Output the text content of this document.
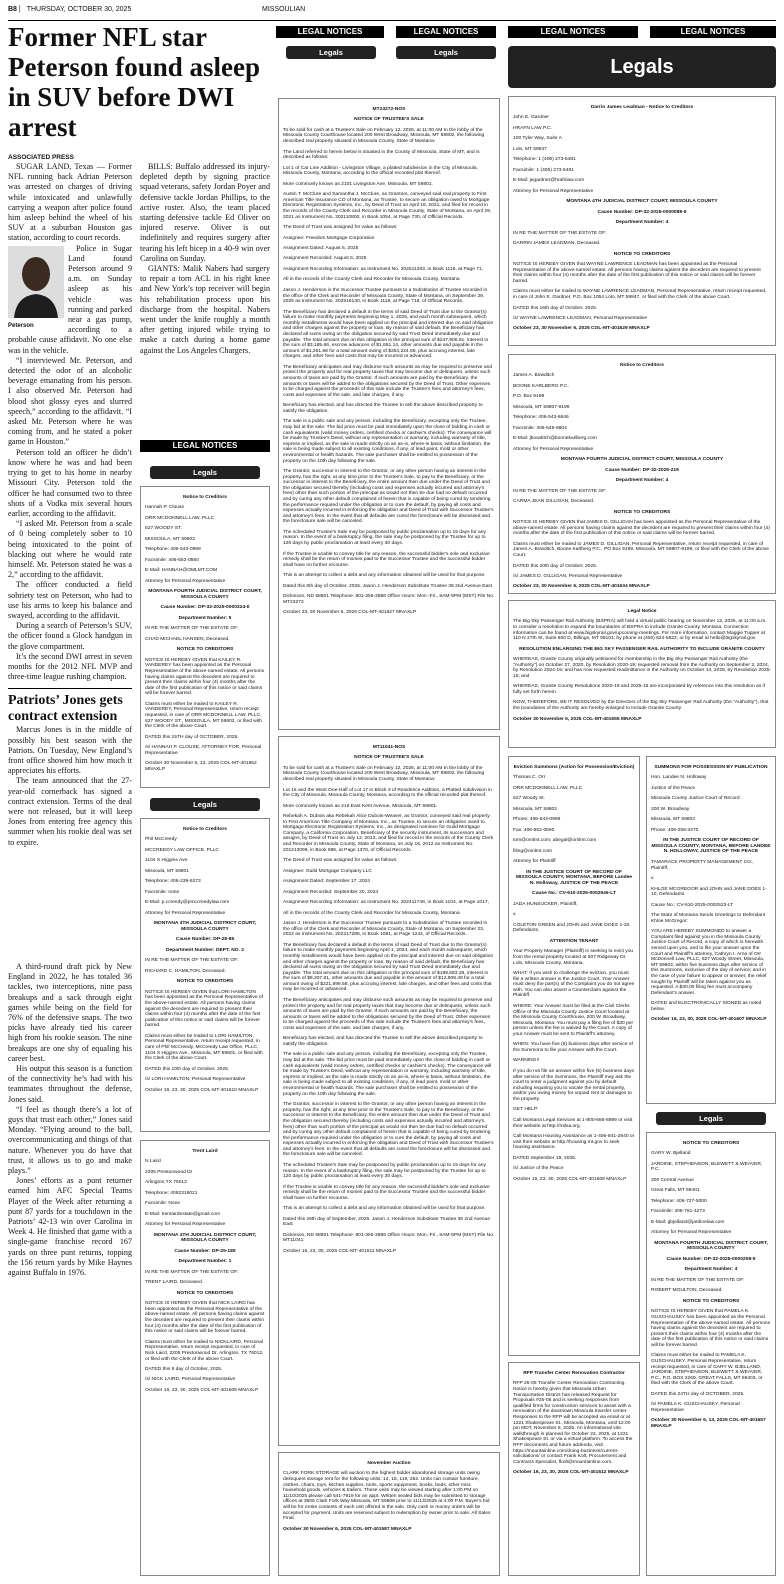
B8 | THURSDAY, OCTOBER 30, 2025	MISSOULIAN
LEGAL NOTICES	LEGAL NOTICES	LEGAL NOTICES	LEGAL NOTICES
Legals	Legals
Legals
Former NFL star Peterson found asleep in SUV before DWI arrest
ASSOCIATED PRESS

SUGAR LAND, Texas — Former NFL running back Adrian Peterson was arrested on charges of driving while intoxicated and unlawfully carrying a weapon after police found him asleep behind the wheel of his SUV at a suburban Houston gas station, according to court records.

Peterson

Police in Sugar Land found Peterson around 9 a.m. on Sunday asleep as his vehicle was running and parked near a gas pump, according to a probable cause affidavit. No one else was in the vehicle.

“I interviewed Mr. Peterson, and detected the odor of an alcoholic beverage emanating from his person. I also observed Mr. Peterson had blood shot glossy eyes and slurred speech,” according to the affidavit. “I asked Mr. Peterson where he was coming from, and he stated a poker game in Houston.”

Peterson told an officer he didn’t know where he was and had been trying to get to his home in nearby Missouri City. Peterson told the officer he had consumed two to three shots of a Vodka mix several hours earlier, according to the affidavit.

“I asked Mr. Peterson from a scale of 0 being completely sober to 10 being intoxicated to the point of blacking out where he would rate himself. Mr. Peterson stated he was a 2,” according to the affidavit.

The officer conducted a field sobriety test on Peterson, who had to use his arms to keep his balance and swayed, according to the affidavit.

During a search of Peterson’s SUV, the officer found a Glock handgun in the glove compartment.

It’s the second DWI arrest in seven months for the 2012 NFL MVP and three-time league rushing champion.

Patriots’ Jones gets contract extension

Marcus Jones is in the middle of possibly his best season with the Patriots. On Tuesday, New England’s front office showed him how much it appreciates his efforts.

The team announced that the 27-year-old cornerback has signed a contract extension. Terms of the deal were not released, but it will keep Jones from entering free agency this summer when his rookie deal was set to expire.

A third-round draft pick by New England in 2022, he has totaled 36 tackles, two interceptions, nine pass breakups and a sack through eight games while being on the field for 76% of the defensive snaps. The two picks have already tied his career high from his rookie season. The nine breakups are one shy of equaling his career best.

His output this season is a function of the connectivity he’s had with his teammates throughout the defense, Jones said.

“I feel as though there’s a lot of guys that trust each other,” Jones said Monday. “Flying around to the ball, overcommunicating and things of that nature. Whenever you do have that trust, it allows us to go and make plays.”

Jones’ efforts as a punt returner earned him AFC Special Teams Player of the Week after returning a punt 87 yards for a touchdown in the Patriots’ 42-13 win over Carolina in Week 4. He finished that game with a single-game franchise record 167 yards on three punt returns, topping the 156 return yards by Mike Haynes against Buffalo in 1976.

BILLS: Buffalo addressed its injury-depleted depth by signing practice squad veterans, safety Jordan Poyer and defensive tackle Jordan Phillips, to the active roster. Also, the team placed starting defensive tackle Ed Oliver on injured reserve. Oliver is out indefinitely and requires surgery after tearing his left bicep in a 40-9 win over Carolina on Sunday.

GIANTS: Malik Nabers had surgery to repair a torn ACL in his right knee and New York’s top receiver will begin his rehabilitation process upon his discharge from the hospital. Nabers went under the knife roughly a month after getting injured while trying to make a catch during a home game against the Los Angeles Chargers.

LEGAL NOTICES
Legals

Notice to Creditors

Hannah P. Clouse

ORR MCDONNELL LAW, PLLC

627 WOODY ST.

MISSOULA, MT 59802

Telephone: 406-543-0999

Facsimile: 406-552-0560

E-Mail: HANNAH@OMLMT.COM

Attorney for Personal Representative

MONTANA FOURTH JUDICIAL DISTRICT COURT, MISSOULA COUNTY

Cause Number: DP-32-2025-0000324-II

Department Number: 5

IN RE THE MATTER OF THE ESTATE OF:

CHAD MICHAEL HANSEN, Deceased.

NOTICE TO CREDITORS

NOTICE IS HEREBY GIVEN that KAILEY R. VANDEREY has been appointed as the Personal Representative of the above-named estate. All persons having claims against the decedent are required to present their claims within four (4) months after the date of the first publication of this notice or said claims will be forever barred.

Claims must either be mailed to KAILEY R. VANDEREY, Personal Representative, return receipt requested, in care of ORR MCDONNELL LAW, PLLC, 627 WOODY ST., MISSOULA, MT 59802, or filed with the Clerk of the above Court.

DATED this 15TH day of OCTOBER, 2025.

/s/ HANNAH P. CLOUSE, ATTORNEY FOR, Personal Representative

October 30 November 6, 13, 2025 COL-MT-401652 MNAXLP

Legals

Notice to Creditors

Phil McCreedy

MCCREEDY LAW OFFICE, PLLC

1104 S Higgins Ave.

Missoula, MT 59801

Telephone: 406-239-6273

Facsimile: none

E-Mail: p.ccreedy@pmccreedylaw.com

Attorney for Personal Representative

MONTANA 4TH JUDICIAL DISTRICT COURT, MISSOULA COUNTY

Cause Number: DP-25-85

Department Number: DEPT. NO. 2

IN RE THE MATTER OF THE ESTATE OF:

RICHARD C. HAMILTON, Deceased.

NOTICE TO CREDITORS

NOTICE IS HEREBY GIVEN that LORI HAMILTON has been appointed as the Personal Representative of the above-named estate. All persons having claims against the decedent are required to present their claims within four (4) months after the date of the first publication of this notice or said claims will be forever barred.

Claims must either be mailed to LORI HAMILTON, Personal Representative, return receipt requested, in care of Phil McCreedy, McCreedy Law Office, PLLC, 1104 S Higgins Ave., Missoula, MT 59801, or filed with the Clerk of the above Court.

DATED this 10th day of October, 2025.

/s/ LORI HAMILTON, Personal Representative

October 16, 23, 30, 2025 COL-MT-401610 MNAXLP

Trent Laird

N Laird

2205 Prestonwood Dr

Arlington,TX 76012

Telephone: 4092316021

Facsimile: None

E-Mail: trentairdestate@gmail.com

Attorney for Personal Representative

MONTANA 4TH JUDICIAL DISTRICT COURT, MISSOULA COUNTY

Cause Number: DP-25-185

Department Number: 1

IN RE THE MATTER OF THE ESTATE OF:

TRENT LAIRD, Deceased.

NOTICE TO CREDITORS

NOTICE IS HEREBY GIVEN that NICK LAIRD has been appointed as the Personal Representative of the above-named estate. All persons having claims against the decedent are required to present their claims within four (4) months after the date of the first publication of this notice or said claims will be forever barred.

Claims must either be mailed to NICKLAIRD, Personal Representative, return receipt requested, in care of Nick Laird, 2205 Prestonwood Dr, Arlington, TX 76012, or filed with the Clerk of the above Court.

DATED this 9 day of October, 2025.

/s/ NICK LAIRD, Personal Representative

October 16, 23, 30, 2025 COL-MT-401609 MNAXLP

MT23272-NOS

NOTICE OF TRUSTEE'S SALE

To be sold for cash at a Trustee's Sale on February 12, 2026, at 11:00 AM In the lobby of the Missoula County Courthouse located 200 West Broadway, Missoula, MT 59802, the following described real property situated in Missoula County, State of Montana:

The Land referred to herein below is situated in the County of Missoula, State of MT, and is described as follows:

Lot 1 of Car Line Addition - Livingston Village, a platted subdivision in the City of Missoula, Missoula County, Montana, according to the official recorded plat thereof.

More commonly known as 2101 Livingston Ave, Missoula, MT 59801.

Austin T. McClure and Samantha J. McClure, as Grantors, conveyed said real property to First American Title Insurance CO of Montana, as Trustee, to secure an obligation owed to Mortgage Electronic Registration Systems, Inc., by Deed of Trust on April 18, 2021, and filed for record in the records of the County Clerk and Recorder in Missoula County, State of Montana, on April 29, 2021 as Instrument No. 202110800, in Book 1054, at Page 730, of Official Records.

The Deed of Trust was assigned for value as follows:

Assignee: Freedom Mortgage Corporation

Assignment Dated: August 6, 2025

Assignment Recorded: August 6, 2025

Assignment Recording Information: as Instrument No. 202511283, in Book 1116, at Page 71,

All in the records of the County Clerk and Recorder for Missoula County, Montana

Jason J. Henderson is the Successor Trustee pursuant to a Substitution of Trustee recorded in the office of the Clerk and Recorder of Missoula County, State of Montana, on September 29, 2025 as Instrument No. 202516130, in Book 1119, at Page 718, of Official Records.

The Beneficiary has declared a default in the terms of said Deed of Trust due to the Grantor(s) failure to make monthly payments beginning May 1, 2025, and each month subsequent, which monthly installments would have been applied on the principal and interest due on said obligation and other charges against the property or loan. By reason of said default, the Beneficiary has declared all sums owing on the obligation secured by said Trust Deed immediately due and payable. The total amount due on this obligation is the principal sum of $247,905.91, interest in the sum of $3,185.66, escrow advances of $1,651.14, other amounts due and payable in the amount of $1,261.68 for a total amount owing of $254,224.59, plus accruing interest, late charges, and other fees and costs that may be incurred or advanced.

The Beneficiary anticipates and may disburse such amounts as may be required to preserve and protect the property and for real property taxes that may become due or delinquent, unless such amounts of taxes are paid by the Grantor. If such amounts are paid by the Beneficiary, the amounts or taxes will be added to the obligations secured by the Deed of Trust. Other expenses to be charged against the proceeds of this sale include the Trustee's fees and attorney's fees, costs and expenses of the sale, and late charges, if any.

Beneficiary has elected, and has directed the Trustee to sell the above described property to satisfy the obligation.

The sale is a public sale and any person, including the Beneficiary, excepting only the Trustee, may bid at the sale. The bid price must be paid immediately upon the close of bidding in cash or cash equivalents (valid money orders, certified checks or cashier's checks). The conveyance will be made by Trustee's Deed, without any representation or warranty, including warranty of title, express or implied, as the sale is made strictly on an as-is, where-is basis, without limitation, the sale is being made subject to all existing conditions, if any, of lead paint, mold or other environmental or health hazards. The sale purchaser shall be entitled to possession of the property on the 10th day following the sale.

The Grantor, successor in interest to the Grantor, or any other person having an interest in the property, has the right, at any time prior to the Trustee's Sale, to pay to the Beneficiary, or the successor in interest to the Beneficiary, the entire amount then due under the Deed of Trust and the obligation secured thereby (including costs and expenses actually incurred and attorney's fees) other than such portion of the principal as would not then be due had no default occurred and by curing any other default complained of herein that is capable of being cured by tendering the performance required under the obligation or to cure the default, by paying all costs and expenses actually incurred in enforcing the obligation and Deed of Trust with Successor Trustee's and attorney's fees. In the event that all defaults are cured the foreclosure will be dismissed and the foreclosure sale will be canceled.

The scheduled Trustee's Sale may be postponed by public proclamation up to 15 days for any reason. In the event of a bankruptcy filing, the sale may be postponed by the Trustee for up to 120 days by public proclamation at least every 30 days.

If the Trustee is unable to convey title for any reason, the successful bidder's sole and exclusive remedy shall be the return of monies paid to the Successor Trustee and the successful bidder shall have no further recourse.

This is an attempt to collect a debt and any information obtained will be used for that purpose.

Dated this 6th day of October, 2025. Jason J. Henderson Substitute Trustee 38 2nd Avenue East

Dickinson, ND 58601 Telephone: 801-355-2886 Office Hours: Mon.-Fri., 8AM-5PM (MST) File No. MT23272

October 23, 30 November 6, 2025 COL-MT-401627 MNAXLP

MT11041-NOS

NOTICE OF TRUSTEE'S SALE

To be sold for cash at a Trustee's Sale on February 12, 2026, at 11:00 AM In the lobby of the Missoula County Courthouse located 200 West Broadway, Missoula, MT 59802, the following described real property situated in Missoula County, State of Montana:

Lot 16 and the West One-Half of Lot 17 in Block 3 of Residence Addition, a Platted subdivision in the City of Missoula, Missoula County, Montana, according to the official recorded plat thereof.

More commonly known as 216 East Kent Avenue, Missoula, MT 59801.

Rebekah A. Dubois aka Rebekah Alice Dubois-Weaver, as Grantor, conveyed said real property to First American Title Company of Montana, Inc., as Trustee, to secure an obligation owed to Mortgage Electronic Registration Systems, Inc., as designated nominee for Guild Mortgage Company, a California Corporation, Beneficiary of the security instrument, its successors and assigns, by Deed of Trust on July 12, 2012, and filed for record in the records of the County Clerk and Recorder in Missoula County, State of Montana, on July 16, 2012 as Instrument No. 201213099, in Book 896, at Page 1378, of Official Records.

The Deed of Trust was assigned for value as follows:

Assignee: Guild Mortgage Company LLC

Assignment Dated: September 17, 2024

Assignment Recorded: September 20, 2024

Assignment Recording Information: as Instrument No. 202411748, in Book 1104, at Page 1017,

All in the records of the County Clerk and Recorder for Missoula County, Montana

Jason J. Henderson is the Successor Trustee pursuant to a Substitution of Trustee recorded in the office of the Clerk and Recorder of Missoula County, State of Montana, on September 23, 2022 as Instrument No. 202217286, in Book 1081, at Page 1244, of Official Records.

The Beneficiary has declared a default in the terms of said Deed of Trust due to the Grantor(s) failure to make monthly payments beginning April 1, 2024, and each month subsequent, which monthly installments would have been applied on the principal and interest due on said obligation and other charges against the property or loan. By reason of said default, the Beneficiary has declared all sums owing on the obligation secured by said Trust Deed immediately due and payable. The total amount due on this obligation is the principal sum of $199,683.28, interest in the sum of $9,307.81, other amounts due and payable in the amount of $12,908.49 for a total amount owing of $221,899.58, plus accruing interest, late charges, and other fees and costs that may be incurred or advanced.

The Beneficiary anticipates and may disburse such amounts as may be required to preserve and protect the property and for real property taxes that may become due or delinquent, unless such amounts of taxes are paid by the Grantor. If such amounts are paid by the Beneficiary, the amounts or taxes will be added to the obligations secured by the Deed of Trust. Other expenses to be charged against the proceeds of this sale include the Trustee's fees and attorney's fees, costs and expenses of the sale, and late charges, if any.

Beneficiary has elected, and has directed the Trustee to sell the above described property to satisfy the obligation.

The sale is a public sale and any person, including the Beneficiary, excepting only the Trustee, may bid at the sale. The bid price must be paid immediately upon the close of bidding in cash or cash equivalents (valid money orders, certified checks or cashier's checks). The conveyance will be made by Trustee's Deed, without any representation or warranty, including warranty of title, express or implied, as the sale is made strictly on an as-is, where-is basis, without limitation, the sale is being made subject to all existing conditions, if any, of lead paint, mold or other environmental or health hazards. The sale purchaser shall be entitled to possession of the property on the 10th day following the sale.

The Grantor, successor in interest to the Grantor, or any other person having an interest in the property, has the right, at any time prior to the Trustee's Sale, to pay to the Beneficiary, or the successor in interest to the Beneficiary, the entire amount then due under the Deed of Trust and the obligation secured thereby (including costs and expenses actually incurred and attorney's fees) other than such portion of the principal as would not then be due had no default occurred and by curing any other default complained of herein that is capable of being cured by tendering the performance required under the obligation or to cure the default, by paying all costs and expenses actually incurred in enforcing the obligation and Deed of Trust with Successor Trustee's and attorney's fees. In the event that all defaults are cured the foreclosure will be dismissed and the foreclosure sale will be canceled.

The scheduled Trustee's Sale may be postponed by public proclamation up to 15 days for any reason. In the event of a bankruptcy filing, the sale may be postponed by the Trustee for up to 120 days by public proclamation at least every 30 days.

If the Trustee is unable to convey title for any reason, the successful bidder's sole and exclusive remedy shall be the return of monies paid to the Successor Trustee and the successful bidder shall have no further recourse.

This is an attempt to collect a debt and any information obtained will be used for that purpose.

Dated this 26th day of September, 2025. Jason J. Henderson Substitute Trustee 38 2nd Avenue East

Dickinson, ND 58601 Telephone: 801-355-2886 Office Hours: Mon.-Fri., 8AM-5PM (MST) File No. MT11041

October 16, 23, 30, 2025 COL-MT-401611 MNAXLP

November Auction

CLARK FORK STORAGE will auction to the highest bidder abandoned storage units owing delinquent storage rent for the following units: 14, 15, 119, 262. Units can contain furniture, clothes, chairs, toys, kitchen supplies, tools, sports equipment, books, beds, other misc household goods, vehicles & trailers. These units may be viewed starting after 1:00 PM on 11/10/2025 please call 541-7919 for an appt. Written sealed bids may be submitted to storage offices at 3505 Clark Fork Way Missoula, MT 59808 prior to 11/13/2025 at 4:00 P.M. Buyer's bid will be for entire contents of each unit offered in the sale. Only cash or money orders will be accepted for payment. Units are reserved subject to redemption by owner prior to sale. All Sales Final.

October 30 November 6, 2025 COL-MT-401587 MNAXLP

Darrin James Leadman - Notice to Creditors

John E. Gardner

HRAFN LAW P.C.

100 Tyler Way, Suite A

Lolo, MT 59847

Telephone: 1 (406) 273-5481

Facsimile: 1 (406) 273-5481

E-Mail: jegardner@hrafnlaw.com

Attorney for Personal Representative

MONTANA 4TH JUDICIAL DISTRICT COURT, MISSOULA COUNTY

Cause Number: DP-32-2025-0000088-II

Department Number: 4

IN RE THE MATTER OF THE ESTATE OF:

DARRIN JAMES LEADMAN, Deceased.

NOTICE TO CREDITORS

NOTICE IS HEREBY GIVEN that WAYNE LAWRENCE LEADMAN has been appointed as the Personal Representative of the above-named estate. All persons having claims against the decedent are required to present their claims within four (4) months after the date of the first publication of this notice or said claims will be forever barred.

Claims must either be mailed to WAYNE LAWRENCE LEADMAN, Personal Representative, return receipt requested, in care of John E. Gardner, P.O. Box 1054 Lolo, MT 59847, or filed with the Clerk of the above Court.

DATED this 16th day of October, 2025.

/s/ WAYNE LAWRENCE LEADMAN, Personal Representative

October 23, 30 November 6, 2025 COL-MT-401629 MNAXLP

Notice to Creditors

James A. Bowditch

BOONE KARLBERG P.C.

P.O. Box 9199

Missoula, MT 59807-9199

Telephone: 406-543-6646

Facsimile: 406-549-6804

E-Mail: jbowditch@boonekarlberg.com

Attorney for Personal Representative

MONTANA FOURTH JUDICIAL DISTRICT COURT, MISSOULA COUNTY

Cause Number: DP-32-2025-219

Department Number: 4

IN RE THE MATTER OF THE ESTATE OF:

CARMA JEAN GILLIGAN, Deceased.

NOTICE TO CREDITORS

NOTICE IS HEREBY GIVEN that JAMES D. GILLIGAN has been appointed as the Personal Representative of the above-named estate. All persons having claims against the decedent are required to present their claims within four (4) months after the date of the first publication of this notice or said claims will be forever barred.

Claims must either be mailed to JAMES D. GILLIGAN, Personal Representative, return receipt requested, in care of James A. Bowditch, Boone Karlberg P.C., PO Box 9199, Missoula, MT 59807-9199, or filed with the Clerk of the above Court.

DATED this 20th day of October, 2025.

/s/ JAMES D. GILLIGAN, Personal Representative

October 23, 30 November 6, 2025 COL-MT-401634 MNAXLP

Legal Notice

The Big Sky Passenger Rail Authority (BSPRA) will hold a virtual public hearing on November 12, 2025, at 11:00 a.m. to consider a resolution to expand the boundaries of BSPRA to include Granite County, Montana. Connection information can be found at www.bigskyrail.gov/upcoming-meetings. For more information, contact Maggie Tupper at 110 N 27th St, Suite 600 D, Billings, MT 59101; by phone at (406) 624-5522; or by email at hello@bigskyrail.gov.

RESOLUTION ENLARGING THE BIG SKY PASSENGER RAIL AUTHORITY TO INCLUDE GRANITE COUNTY

WHEREAS, Granite County originally petitioned for membership in the Big Sky Passenger Rail Authority (the "Authority") on October 27, 2020, by Resolution 2020-19; requested removal from the Authority on September 3, 2024, by Resolution 2024-15; and has now requested readmittance in the Authority on October 14, 2025, by Resolution 2025-15; and

WHEREAS, Granite County Resolutions 2020-19 and 2025-15 are incorporated by reference into this resolution as if fully set forth herein.

NOW, THEREFORE, BE IT RESOLVED by the Directors of the Big Sky Passenger Rail Authority (the "Authority"), that the boundaries of the Authority are hereby enlarged to include Granite County.

October 30 November 6, 2025 COL-MT-401655 MNAXLP

Eviction Summons (Action for Possession/Eviction)

Thomas C. Orr

ORR MCDONNELL LAW, PLLC

627 Woody St.

Missoula, MT 59802

Phone: 406-543-0999

Fax: 406-552-0560

tom@omlmt.com; abegal@omlmt.com

filing@omlmt.com

Attorney for Plaintiff

IN THE JUSTICE COURT OF RECORD OF MISSOULA COUNTY, MONTANA, BEFORE Landee N. Holloway, JUSTICE OF THE PEACE

Cause No.: CV-610-2025-0002946-LT

JADA HUNSUCKER, Plaintiff,

v.

COLETON GREEN and JOHN and JANE DOES 1-10, Defendants.

ATTENTION TENANT

Your Property Manager (Plaintiff) is seeking to evict you from the rental property located at 507 Ridgeway Dr. Lolo, Missoula County, Montana.

WHAT: If you wish to challenge the eviction, you must file a written answer in the Justice Court. Your Answer must deny the part(s) of the Complaint you do not agree with. You can also assert a Counterclaim against the Plaintiff.

WHERE: Your Answer must be filed at the Civil Clerks Office of the Missoula County Justice Court located at the Missoula County Courthouse, 200 W. Broadway, Missoula, Montana. You must pay a filing fee of $30 per person unless the fee is waived by the Court. A copy of your Answer must be sent to Plaintiff's attorney.

WHEN: You have five (5) business days after service of the Summons to file your Answer with the Court.

WARNING!!

If you do not file an answer within five (5) business days after service of the Summons, the Plaintiff may ask the court to enter a judgment against you by default including requiring you to vacate the rental property, and/or you owing money for unpaid rent or damages to the property.

GET HELP:

Call Montana Legal Services at 1-800-666-6899 or visit their website at http://mtlsa.org.

Call Montana Housing Assistance as 1-406-841-2840 or visit their website at http://housing.mt.gov to seek housing assistance.

DATED September 19, 2025.

/s/ Justice of the Peace

October 16, 23, 30, 2025 COL-MT-401608 MNAXLP

RFP Transfer Center Renovation Contractor

RFP 25-05 Transfer Center Renovation Contracting. Notice is hereby given that Missoula Urban Transportation District has released Request for Proposals #25-05 and is seeking responses from qualified firms for construction services to assist with a renovation of the downtown Missoula transfer center. Responses to the RFP will be accepted via email or at 1221 Shakespeare St., Missoula, Montana, until 12:00 pm MDT, November 5, 2025. An informational site walkthrough is planned for October 23, 2025, at 1221 Shakespeare St. or via a virtual platform. To access the RFP documents and future addenda, visit https://mountainline.com/doing-business/current-solicitations/ or contact Frank Kolt, Procurement and Contracts Specialist, fkolt@mountainline.com.

October 16, 23, 30, 2025 COL-MT-401612 MNAXLP

SUMMONS FOR POSSESSION BY PUBLICATION

Hon. Landee N. Holloway

Justice of the Peace

Missoula County Justice Court of Record

200 W. Broadway

Missoula, MT 59802

Phone: 406-258-3470

IN THE JUSTICE COURT OF RECORD OF MISSOULA COUNTY, MONTANA, BEFORE LANDEE N. HOLLOWAY, JUSTICE OF THE PEACE

TAMARACK PROPERTY MANAGEMENT CO., Plaintiff,

v.

KHLOE MCGREGOR and JOHN and JANE DOES 1-10, Defendants.

Cause No.: CV-610-2025-0002522-LT

The State of Montana Sends Greetings to Defendant Khloe McGregor:

YOU ARE HEREBY SUMMONED to answer a Complaint filed against you in the Missoula County Justice Court of Record, a copy of which is herewith served upon you, and to file your answer upon the Court and Plaintiff's attorney, Cathryn I. Arne of Orr McDonnell Law, PLLC, 627 Woody Street, Missoula, MT 59802, within five business days after service of this Summons, exclusive of the day of service; and in the case of your failure to appear or answer, the relief sought by Plaintiff will be taken against you as requested. A $30.00 filing fee must accompany Defendant's answer.

DATED and ELECTRONICALLY SIGNED as noted below.

October 16, 23, 30, 2025 COL-MT-401607 MNAXLP

Legals

NOTICE TO CREDITORS

GARY W. Bjelland

JARDINE, STEPHENSON, BLEWETT & WEAVER, P.C.

300 Central Avenue

Great Falls, MT 59401

Telephone: 406-727-5000

Facsimile: 406-761-4273

E-Mail: gbjelland@jardinelaw.com

Attorney for Personal Representative

MONTANA FOURTH JUDICIAL DISTRICT COURT, MISSOULA COUNTY

Cause Number: DP-32-2025-0000208-II

Department Number: 4

IN RE THE MATTER OF THE ESTATE OF:

ROBERT MOULTON, Deceased.

NOTICE TO CREDITORS

NOTICE IS HEREBY GIVEN that PAMELA K. GUSCHAUSKY has been appointed as the Personal Representative of the above-named estate. All persons having claims against the decedent are required to present their claims within four (4) months after the date of the first publication of this notice or said claims will be forever barred.

Claims must either be mailed to PAMELA K. GUSCHAUSKY, Personal Representative, return receipt requested, in care of GARY W. BJELLAND, JARDINE, STEPHENSON, BLEWETT & WEAVER, P.C., P.O. BOX 2269, GREAT FALLS, MT 59403, or filed with the Clerk of the above Court.

DATED this 24TH day of OCTOBER, 2025.

/s/ PAMELA K. GUSCHAUSKY, Personal Representative

October 30 November 6, 13, 2025 COL-MT-401657 MNAXLP
